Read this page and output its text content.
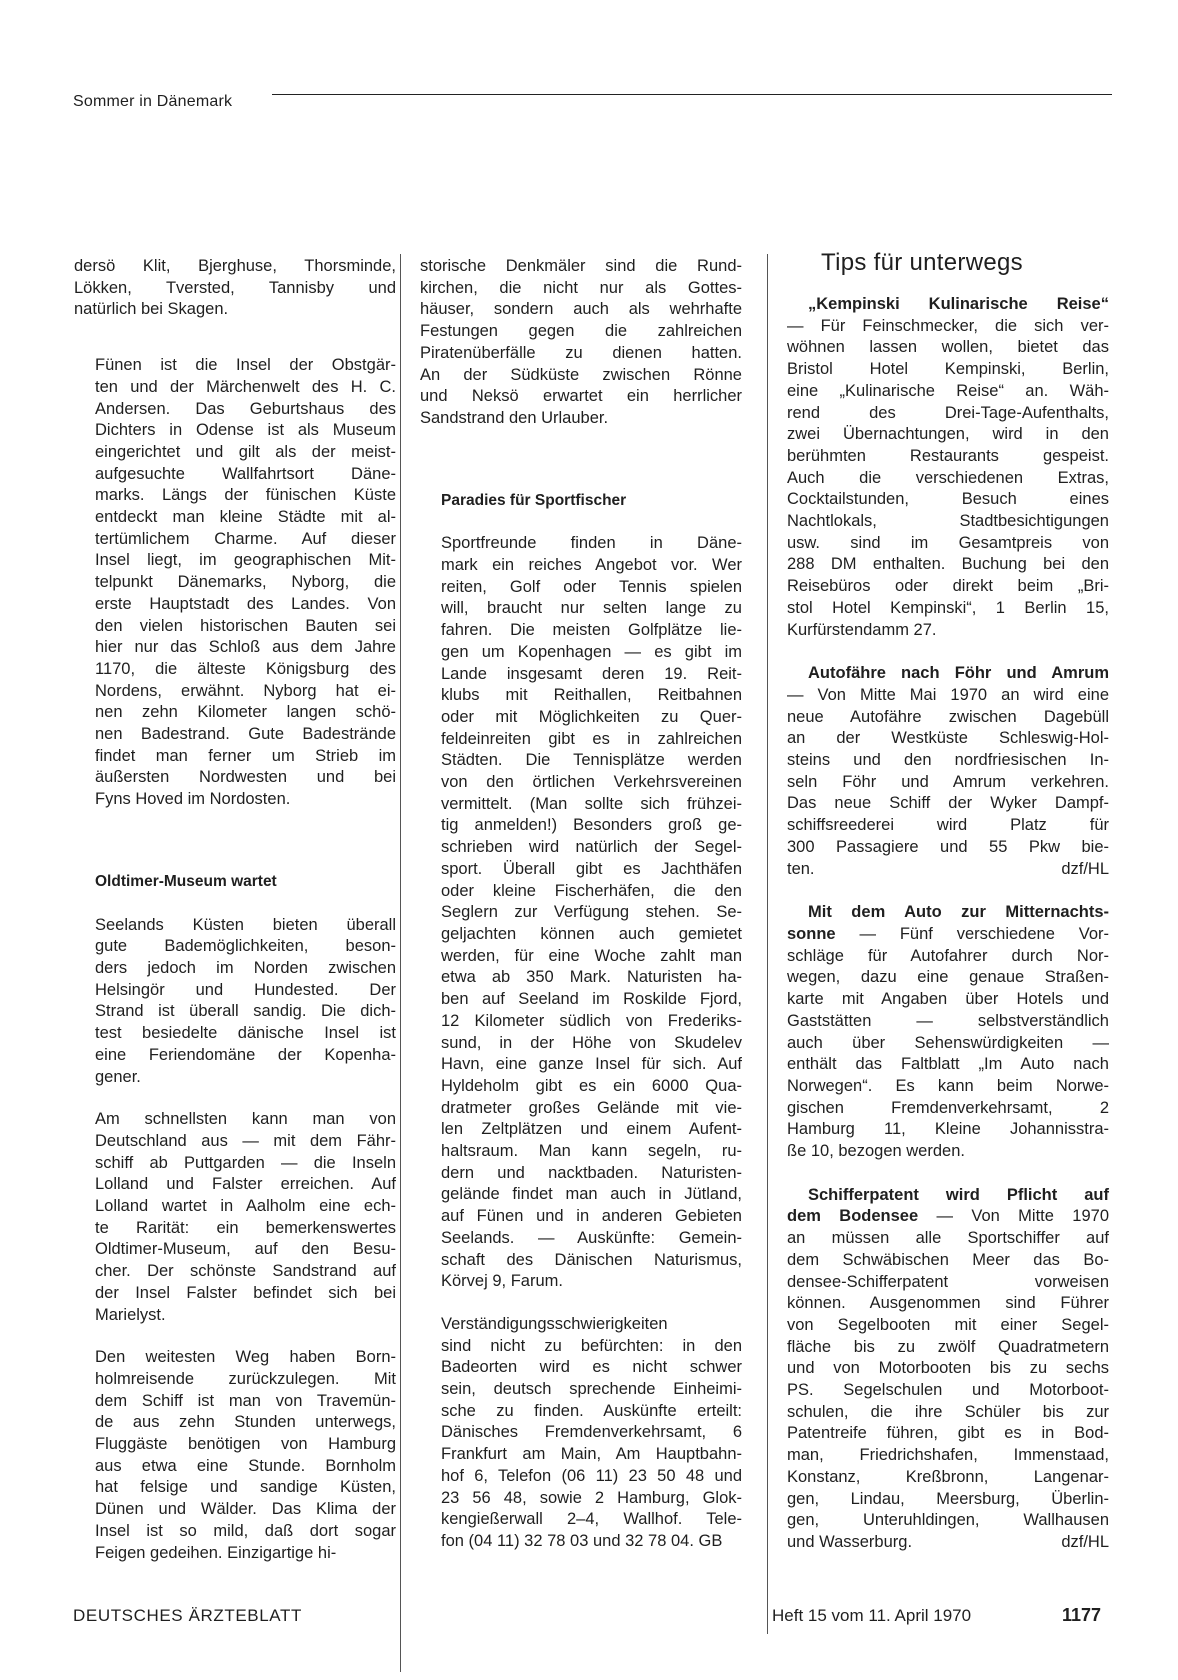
Sommer in Dänemark

dersö Klit, Bjerghuse, Thorsminde,
Lökken, Tversted, Tannisby und
natürlich bei Skagen.

Fünen ist die Insel der Obstgär-
ten und der Märchenwelt des H. C.
Andersen. Das Geburtshaus des
Dichters in Odense ist als Museum
eingerichtet und gilt als der meist-
aufgesuchte Wallfahrtsort Däne-
marks. Längs der fünischen Küste
entdeckt man kleine Städte mit al-
tertümlichem Charme. Auf dieser
Insel liegt, im geographischen Mit-
telpunkt Dänemarks, Nyborg, die
erste Hauptstadt des Landes. Von
den vielen historischen Bauten sei
hier nur das Schloß aus dem Jahre
1170, die älteste Königsburg des
Nordens, erwähnt. Nyborg hat ei-
nen zehn Kilometer langen schö-
nen Badestrand. Gute Badestrände
findet man ferner um Strieb im
äußersten Nordwesten und bei
Fyns Hoved im Nordosten.

Oldtimer-Museum wartet

Seelands Küsten bieten überall
gute Bademöglichkeiten, beson-
ders jedoch im Norden zwischen
Helsingör und Hundested. Der
Strand ist überall sandig. Die dich-
test besiedelte dänische Insel ist
eine Feriendomäne der Kopenha-
gener.

Am schnellsten kann man von
Deutschland aus — mit dem Fähr-
schiff ab Puttgarden — die Inseln
Lolland und Falster erreichen. Auf
Lolland wartet in Aalholm eine ech-
te Rarität: ein bemerkenswertes
Oldtimer-Museum, auf den Besu-
cher. Der schönste Sandstrand auf
der Insel Falster befindet sich bei
Marielyst.

Den weitesten Weg haben Born-
holmreisende zurückzulegen. Mit
dem Schiff ist man von Travemün-
de aus zehn Stunden unterwegs,
Fluggäste benötigen von Hamburg
aus etwa eine Stunde. Bornholm
hat felsige und sandige Küsten,
Dünen und Wälder. Das Klima der
Insel ist so mild, daß dort sogar
Feigen gedeihen. Einzigartige hi-

storische Denkmäler sind die Rund-
kirchen, die nicht nur als Gottes-
häuser, sondern auch als wehrhafte
Festungen gegen die zahlreichen
Piratenüberfälle zu dienen hatten.
An der Südküste zwischen Rönne
und Neksö erwartet ein herrlicher
Sandstrand den Urlauber.

Paradies für Sportfischer

Sportfreunde finden in Däne-
mark ein reiches Angebot vor. Wer
reiten, Golf oder Tennis spielen
will, braucht nur selten lange zu
fahren. Die meisten Golfplätze lie-
gen um Kopenhagen — es gibt im
Lande insgesamt deren 19. Reit-
klubs mit Reithallen, Reitbahnen
oder mit Möglichkeiten zu Quer-
feldeinreiten gibt es in zahlreichen
Städten. Die Tennisplätze werden
von den örtlichen Verkehrsvereinen
vermittelt. (Man sollte sich frühzei-
tig anmelden!) Besonders groß ge-
schrieben wird natürlich der Segel-
sport. Überall gibt es Jachthäfen
oder kleine Fischerhäfen, die den
Seglern zur Verfügung stehen. Se-
geljachten können auch gemietet
werden, für eine Woche zahlt man
etwa ab 350 Mark. Naturisten ha-
ben auf Seeland im Roskilde Fjord,
12 Kilometer südlich von Frederiks-
sund, in der Höhe von Skudelev
Havn, eine ganze Insel für sich. Auf
Hyldeholm gibt es ein 6000 Qua-
dratmeter großes Gelände mit vie-
len Zeltplätzen und einem Aufent-
haltsraum. Man kann segeln, ru-
dern und nacktbaden. Naturisten-
gelände findet man auch in Jütland,
auf Fünen und in anderen Gebieten
Seelands. — Auskünfte: Gemein-
schaft des Dänischen Naturismus,
Körvej 9, Farum.

Verständigungsschwierigkeiten
sind nicht zu befürchten: in den
Badeorten wird es nicht schwer
sein, deutsch sprechende Einheimi-
sche zu finden. Auskünfte erteilt:
Dänisches Fremdenverkehrsamt, 6
Frankfurt am Main, Am Hauptbahn-
hof 6, Telefon (06 11) 23 50 48 und
23 56 48, sowie 2 Hamburg, Glok-
kengießerwall 2–4, Wallhof. Tele-
fon (04 11) 32 78 03 und 32 78 04. GB

Tips für unterwegs

„Kempinski Kulinarische Reise“
— Für Feinschmecker, die sich ver-
wöhnen lassen wollen, bietet das
Bristol Hotel Kempinski, Berlin,
eine „Kulinarische Reise“ an. Wäh-
rend des Drei-Tage-Aufenthalts,
zwei Übernachtungen, wird in den
berühmten Restaurants gespeist.
Auch die verschiedenen Extras,
Cocktailstunden, Besuch eines
Nachtlokals, Stadtbesichtigungen
usw. sind im Gesamtpreis von
288 DM enthalten. Buchung bei den
Reisebüros oder direkt beim „Bri-
stol Hotel Kempinski“, 1 Berlin 15,
Kurfürstendamm 27.

Autofähre nach Föhr und Amrum
— Von Mitte Mai 1970 an wird eine
neue Autofähre zwischen Dagebüll
an der Westküste Schleswig-Hol-
steins und den nordfriesischen In-
seln Föhr und Amrum verkehren.
Das neue Schiff der Wyker Dampf-
schiffsreederei wird Platz für
300 Passagiere und 55 Pkw bie-
ten.	dzf/HL

Mit dem Auto zur Mitternachts-
sonne — Fünf verschiedene Vor-
schläge für Autofahrer durch Nor-
wegen, dazu eine genaue Straßen-
karte mit Angaben über Hotels und
Gaststätten — selbstverständlich
auch über Sehenswürdigkeiten —
enthält das Faltblatt „Im Auto nach
Norwegen“. Es kann beim Norwe-
gischen Fremdenverkehrsamt, 2
Hamburg 11, Kleine Johannisstra-
ße 10, bezogen werden.

Schifferpatent wird Pflicht auf
dem Bodensee — Von Mitte 1970
an müssen alle Sportschiffer auf
dem Schwäbischen Meer das Bo-
densee-Schifferpatent vorweisen
können. Ausgenommen sind Führer
von Segelbooten mit einer Segel-
fläche bis zu zwölf Quadratmetern
und von Motorbooten bis zu sechs
PS. Segelschulen und Motorboot-
schulen, die ihre Schüler bis zur
Patentreife führen, gibt es in Bod-
man, Friedrichshafen, Immenstaad,
Konstanz, Kreßbronn, Langenar-
gen, Lindau, Meersburg, Überlin-
gen, Unteruhldingen, Wallhausen
und Wasserburg.	dzf/HL

DEUTSCHES ÄRZTEBLATT	Heft 15 vom 11. April 1970	1177
